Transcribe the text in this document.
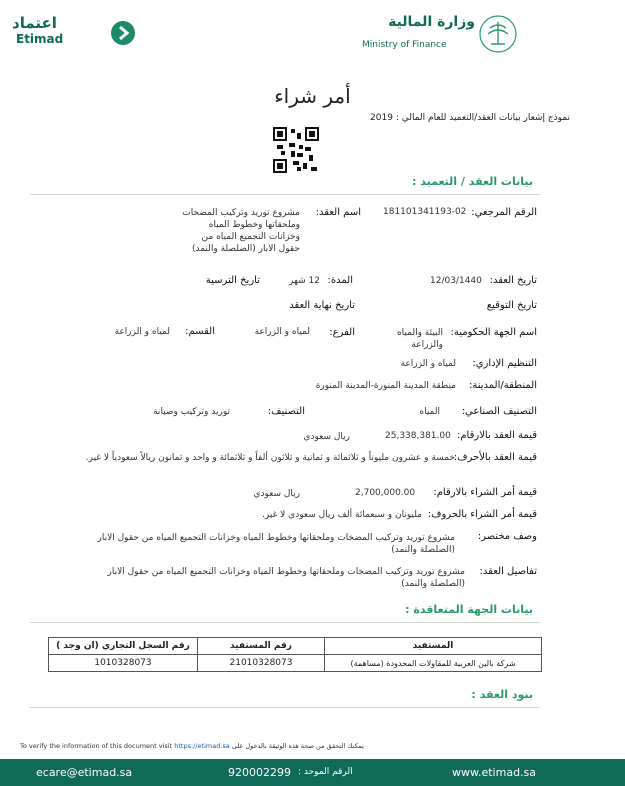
اعتماد
Etimad
وزارة المالية
Ministry of Finance
أمر شراء
نموذج إشعار بيانات العقد/التعميد للعام المالي : 2019
بيانات العقد / التعميد :
الرقم المرجعي:
181101341193-02
اسم العقد:
مشروع توريد وتركيب المضخات وملحقاتها وخطوط المياه وخزانات التجميع المياه من حقول الابار (الصلصلة والنمد)
تاريخ العقد:
12/03/1440
المدة:
12 شهر
تاريخ الترسية
تاريخ التوقيع
تاريخ نهاية العقد
اسم الجهة الحكومية:
البيئة والمياه والزراعة
الفرع:
لمياه و الزراعة
القسم:
لمياه و الزراعة
التنظيم الإداري:
لمياه و الزراعة
المنطقة/المدينة:
منطقة المدينة المنورة-المدينة المنورة
التصنيف الصناعي:
المياه
التصنيف:
توريد وتركيب وصيانة
قيمة العقد بالارقام:
25,338,381.00
ريال سعودي
قيمة العقد بالأحرف:
خمسة و عشرون مليوناً و ثلاثمائة و ثمانية و ثلاثون ألفاً و ثلاثمائة و واحد و ثمانون ريالاً سعودياً لا غير.
قيمة أمر الشراء بالارقام:
2,700,000.00
ريال سعودي
قيمة أمر الشراء بالحروف:
مليونان و سبعمائة ألف ريال سعودي لا غير.
وصف مختصر:
مشروع توريد وتركيب المضخات وملحقاتها وخطوط المياه وخزانات التجميع المياه من حقول الابار (الصلصلة والنمد)
تفاصيل العقد:
مشروع توريد وتركيب المضخات وملحقاتها وخطوط المياه وخزانات التجميع المياه من حقول الابار (الصلصلة والنمد)
بيانات الجهة المتعاقدة :
رقم السجل التجاري (ان وجد )	رقم المستفيد	المستفيد
1010328073	21010328073	شركة بالين العربية للمقاولات المحدودة (مساهمة)
بنود العقد :
To verify the information of this document visit https://etimad.sa يمكنك التحقق من صحة هذه الوثيقة بالدخول على
ecare@etimad.sa	920002299 الرقم الموحد :	www.etimad.sa
